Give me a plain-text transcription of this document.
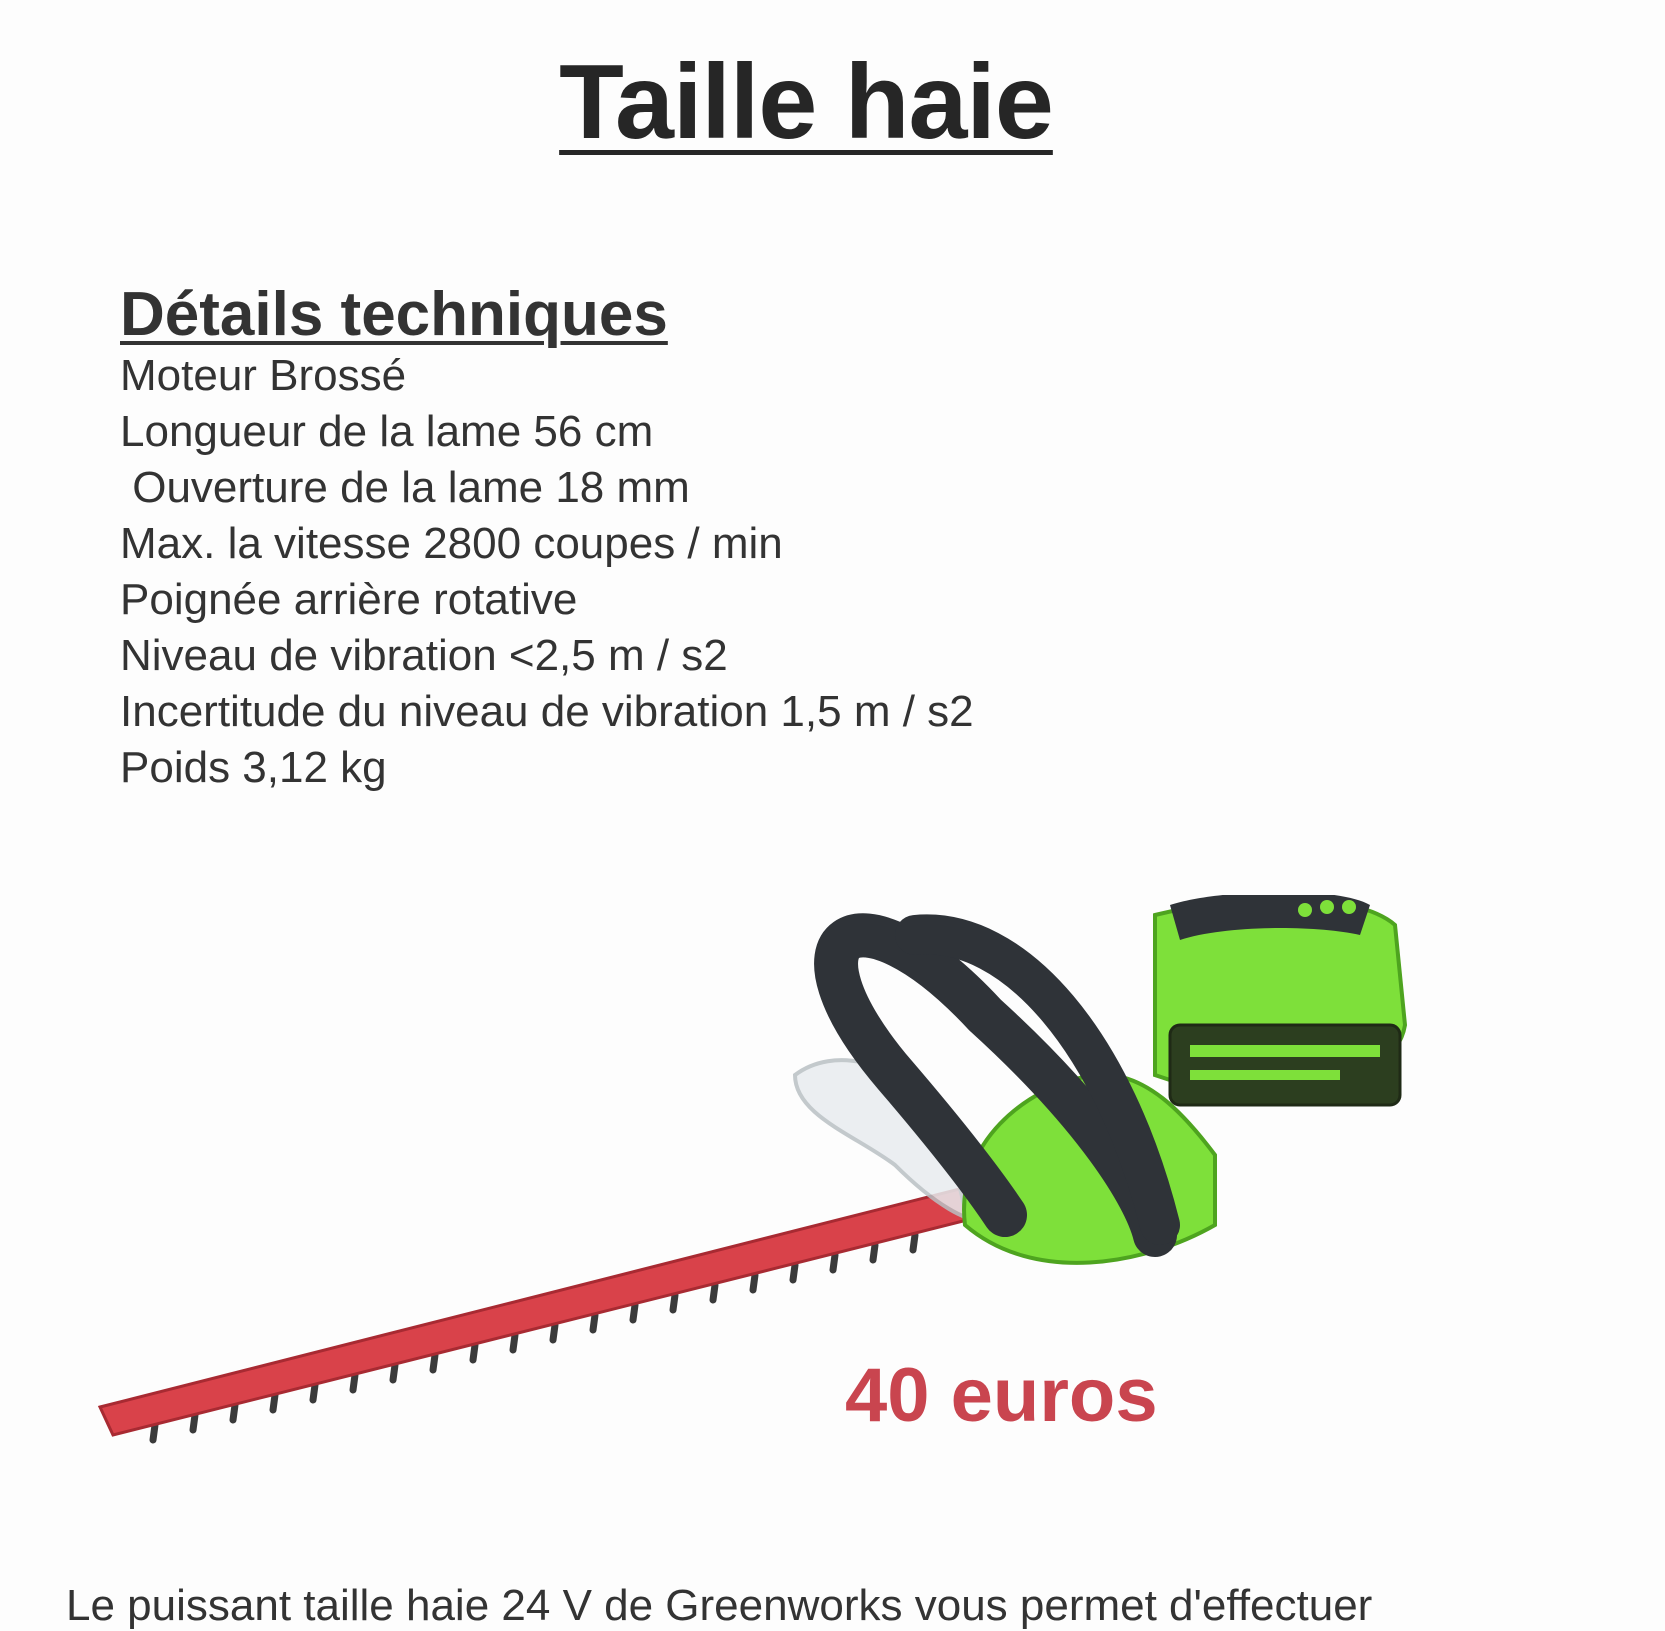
Taille haie
Détails techniques
Moteur Brossé
Longueur de la lame 56 cm
Ouverture de la lame 18 mm
Max. la vitesse 2800 coupes / min
Poignée arrière rotative
Niveau de vibration <2,5 m / s2
Incertitude du niveau de vibration 1,5 m / s2
Poids 3,12 kg

40 euros

Le puissant taille haie 24 V de Greenworks vous permet d'effectuer
